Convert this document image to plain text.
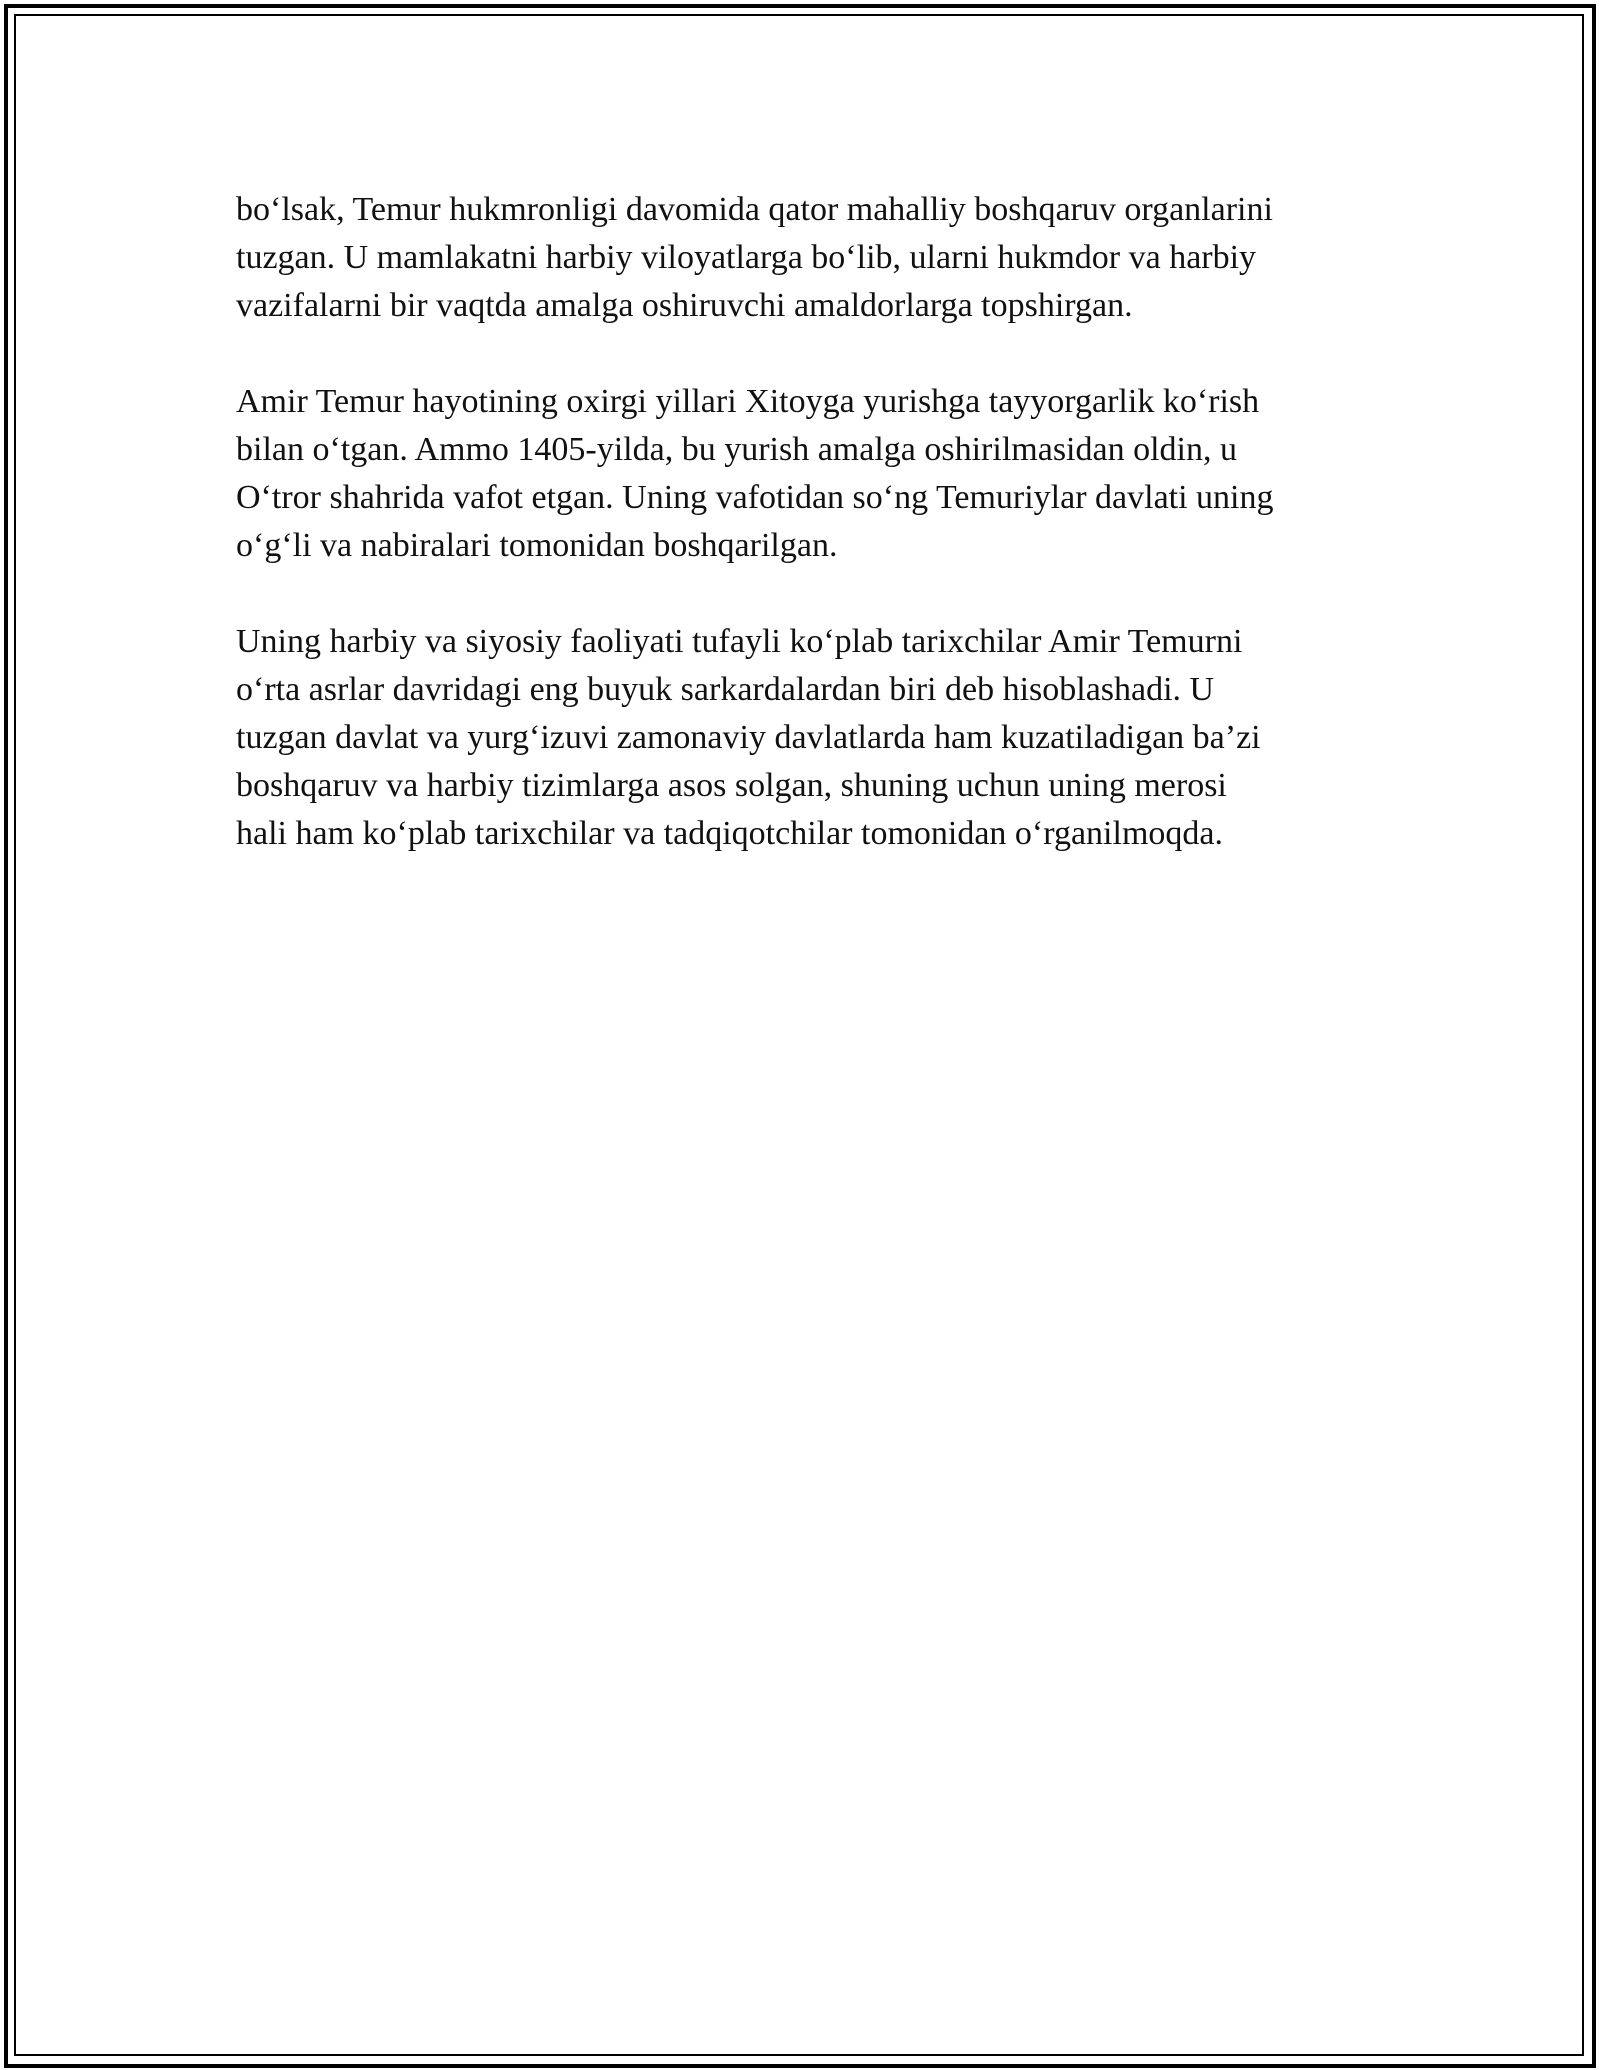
bo‘lsak, Temur hukmronligi davomida qator mahalliy boshqaruv organlarini
tuzgan. U mamlakatni harbiy viloyatlarga bo‘lib, ularni hukmdor va harbiy
vazifalarni bir vaqtda amalga oshiruvchi amaldorlarga topshirgan.

Amir Temur hayotining oxirgi yillari Xitoyga yurishga tayyorgarlik ko‘rish
bilan o‘tgan. Ammo 1405-yilda, bu yurish amalga oshirilmasidan oldin, u
O‘tror shahrida vafot etgan. Uning vafotidan so‘ng Temuriylar davlati uning
o‘g‘li va nabiralari tomonidan boshqarilgan.

Uning harbiy va siyosiy faoliyati tufayli ko‘plab tarixchilar Amir Temurni
o‘rta asrlar davridagi eng buyuk sarkardalardan biri deb hisoblashadi. U
tuzgan davlat va yurg‘izuvi zamonaviy davlatlarda ham kuzatiladigan ba’zi
boshqaruv va harbiy tizimlarga asos solgan, shuning uchun uning merosi
hali ham ko‘plab tarixchilar va tadqiqotchilar tomonidan o‘rganilmoqda.
